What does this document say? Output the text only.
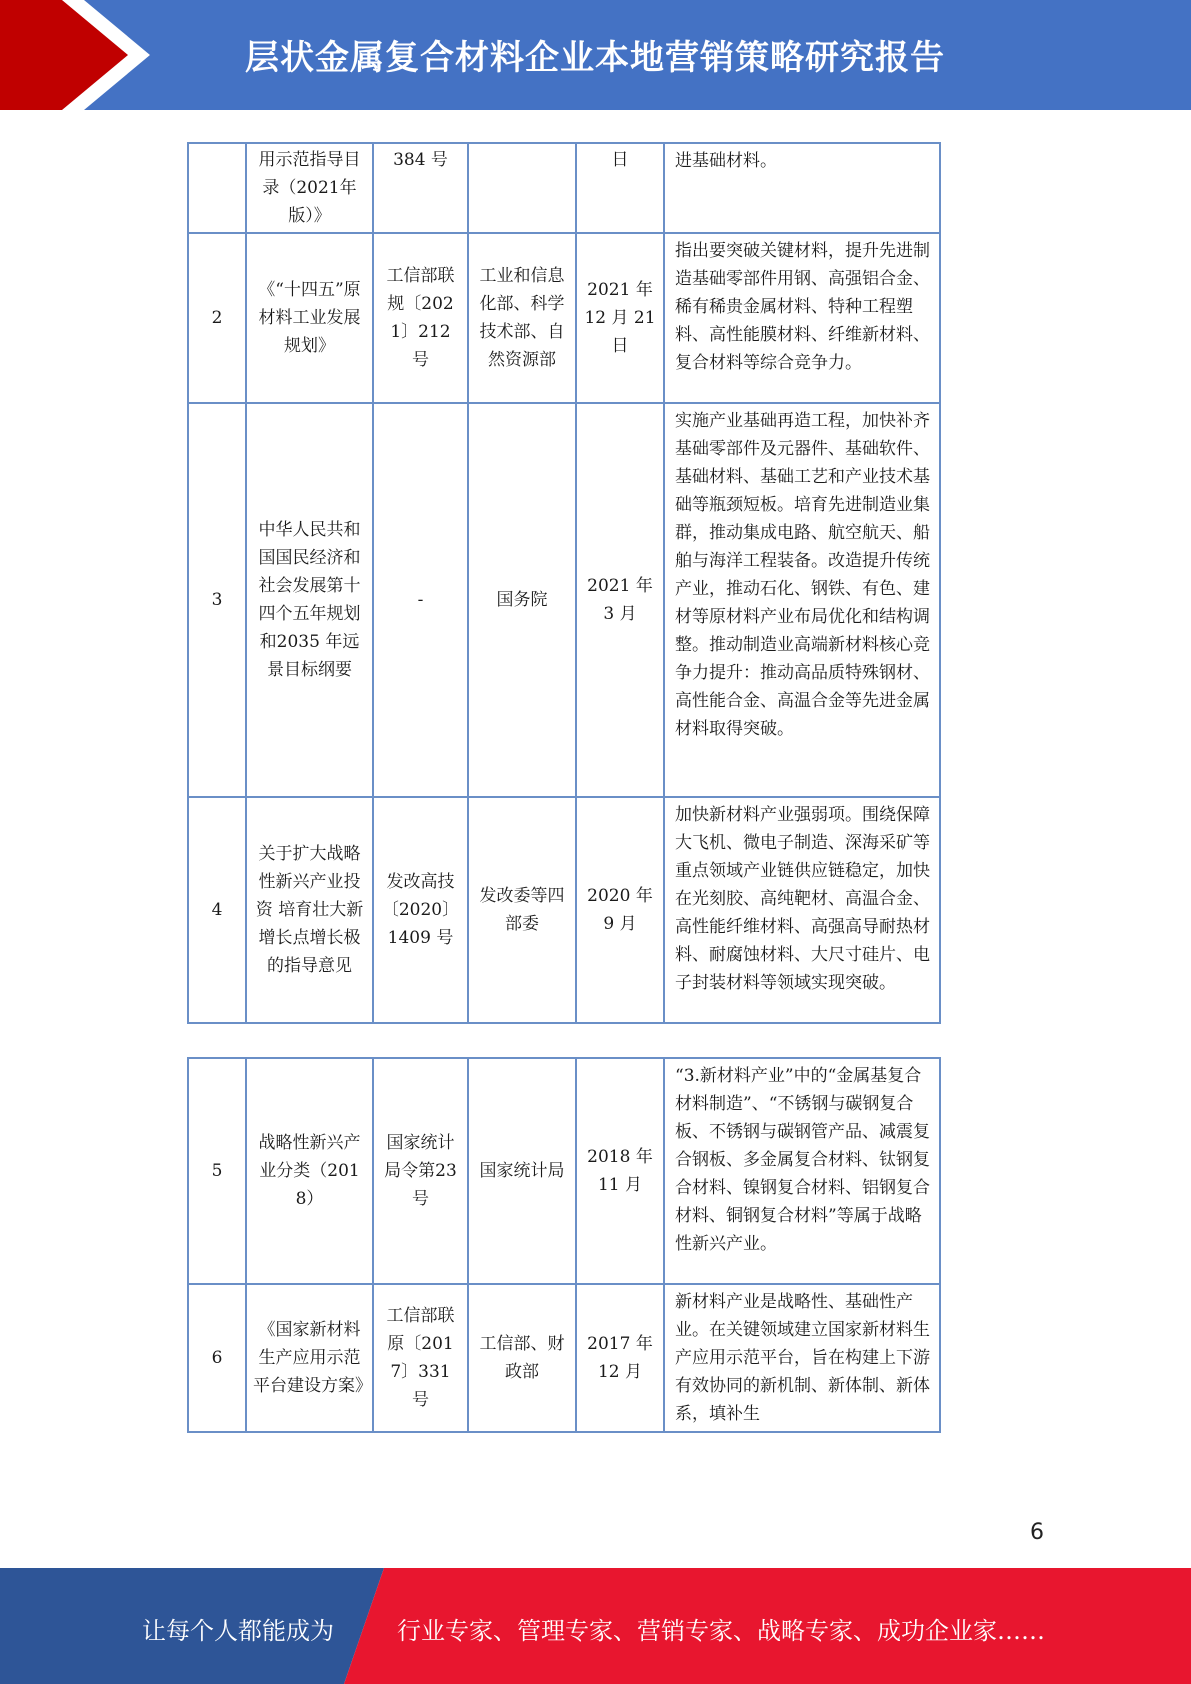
层状金属复合材料企业本地营销策略研究报告
	用示范指导目录（2021年版）》	384 号		日	进基础材料。
2	《“十四五”原材料工业发展规划》	工信部联规〔2021〕212 号	工业和信息化部、科学技术部、自然资源部	2021 年12 月 21日	指出要突破关键材料，提升先进制造基础零部件用钢、高强铝合金、稀有稀贵金属材料、特种工程塑料、高性能膜材料、纤维新材料、复合材料等综合竞争力。
3	中华人民共和国国民经济和社会发展第十四个五年规划和2035 年远景目标纲要	-	国务院	2021 年3 月	实施产业基础再造工程，加快补齐基础零部件及元器件、基础软件、基础材料、基础工艺和产业技术基础等瓶颈短板。培育先进制造业集群，推动集成电路、航空航天、船舶与海洋工程装备。改造提升传统产业，推动石化、钢铁、有色、建材等原材料产业布局优化和结构调整。推动制造业高端新材料核心竞争力提升：推动高品质特殊钢材、高性能合金、高温合金等先进金属材料取得突破。
4	关于扩大战略性新兴产业投资 培育壮大新增长点增长极的指导意见	发改高技〔2020〕1409 号	发改委等四部委	2020 年9 月	加快新材料产业强弱项。围绕保障大飞机、微电子制造、深海采矿等重点领域产业链供应链稳定，加快在光刻胶、高纯靶材、高温合金、高性能纤维材料、高强高导耐热材料、耐腐蚀材料、大尺寸硅片、电子封装材料等领域实现突破。
5	战略性新兴产业分类（2018）	国家统计局令第23 号	国家统计局	2018 年11 月	“3.新材料产业”中的“金属基复合材料制造”、“不锈钢与碳钢复合板、不锈钢与碳钢管产品、减震复合钢板、多金属复合材料、钛钢复合材料、镍钢复合材料、铝钢复合材料、铜钢复合材料”等属于战略性新兴产业。
6	《国家新材料生产应用示范平台建设方案》	工信部联原〔2017〕331 号	工信部、财政部	2017 年12 月	新材料产业是战略性、基础性产业。在关键领域建立国家新材料生产应用示范平台，旨在构建上下游有效协同的新机制、新体制、新体系，填补生
6
让每个人都能成为	行业专家、管理专家、营销专家、战略专家、成功企业家……
